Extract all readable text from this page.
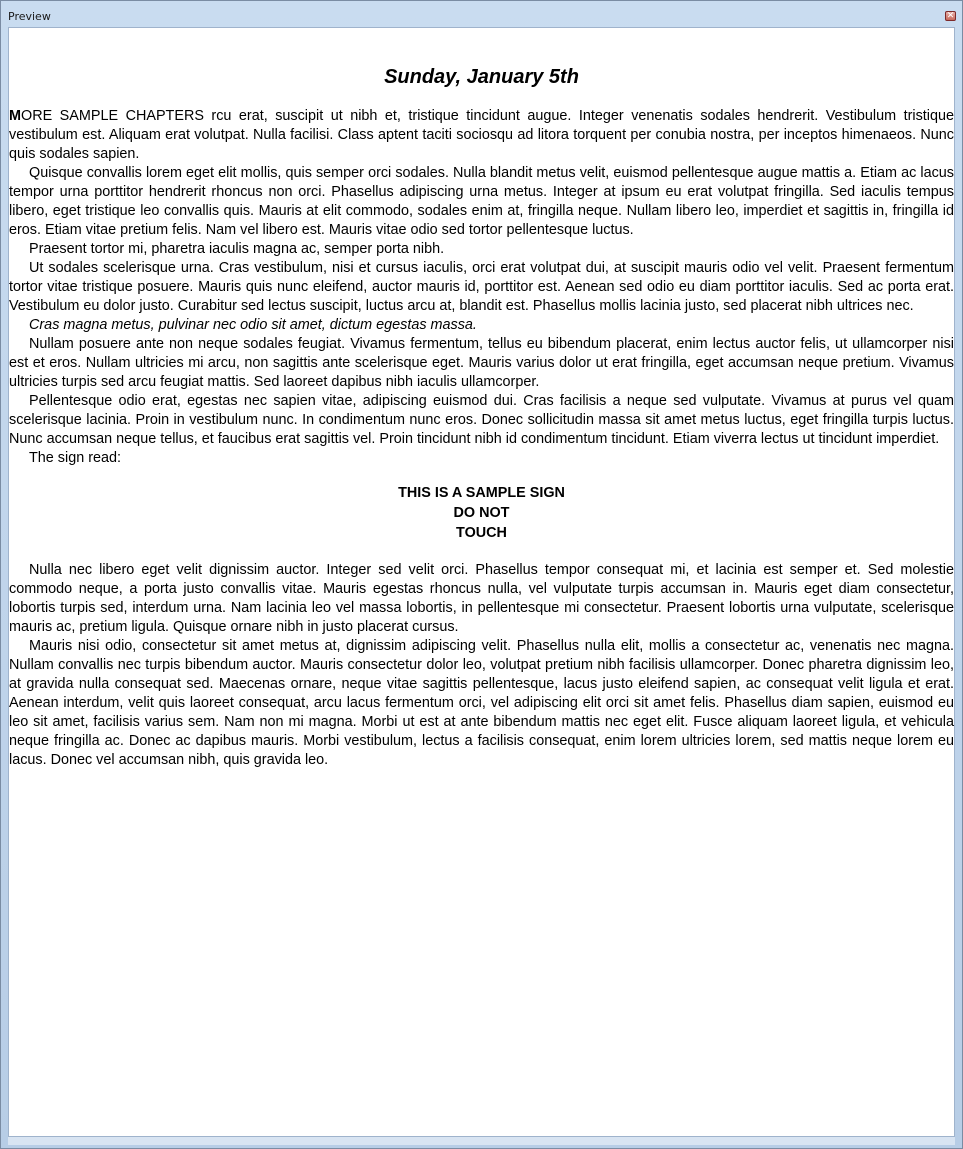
Preview	✕
Sunday, January 5th

MORE SAMPLE CHAPTERS rcu erat, suscipit ut nibh et, tristique tincidunt augue. Integer venenatis sodales hendrerit. Vestibulum tristique vestibulum est. Aliquam erat volutpat. Nulla facilisi. Class aptent taciti sociosqu ad litora torquent per conubia nostra, per inceptos himenaeos. Nunc quis sodales sapien.

Quisque convallis lorem eget elit mollis, quis semper orci sodales. Nulla blandit metus velit, euismod pellentesque augue mattis a. Etiam ac lacus tempor urna porttitor hendrerit rhoncus non orci. Phasellus adipiscing urna metus. Integer at ipsum eu erat volutpat fringilla. Sed iaculis tempus libero, eget tristique leo convallis quis. Mauris at elit commodo, sodales enim at, fringilla neque. Nullam libero leo, imperdiet et sagittis in, fringilla id eros. Etiam vitae pretium felis. Nam vel libero est. Mauris vitae odio sed tortor pellentesque luctus.

Praesent tortor mi, pharetra iaculis magna ac, semper porta nibh.

Ut sodales scelerisque urna. Cras vestibulum, nisi et cursus iaculis, orci erat volutpat dui, at suscipit mauris odio vel velit. Praesent fermentum tortor vitae tristique posuere. Mauris quis nunc eleifend, auctor mauris id, porttitor est. Aenean sed odio eu diam porttitor iaculis. Sed ac porta erat. Vestibulum eu dolor justo. Curabitur sed lectus suscipit, luctus arcu at, blandit est. Phasellus mollis lacinia justo, sed placerat nibh ultrices nec.

Cras magna metus, pulvinar nec odio sit amet, dictum egestas massa.

Nullam posuere ante non neque sodales feugiat. Vivamus fermentum, tellus eu bibendum placerat, enim lectus auctor felis, ut ullamcorper nisi est et eros. Nullam ultricies mi arcu, non sagittis ante scelerisque eget. Mauris varius dolor ut erat fringilla, eget accumsan neque pretium. Vivamus ultricies turpis sed arcu feugiat mattis. Sed laoreet dapibus nibh iaculis ullamcorper.

Pellentesque odio erat, egestas nec sapien vitae, adipiscing euismod dui. Cras facilisis a neque sed vulputate. Vivamus at purus vel quam scelerisque lacinia. Proin in vestibulum nunc. In condimentum nunc eros. Donec sollicitudin massa sit amet metus luctus, eget fringilla turpis luctus. Nunc accumsan neque tellus, et faucibus erat sagittis vel. Proin tincidunt nibh id condimentum tincidunt. Etiam viverra lectus ut tincidunt imperdiet.

The sign read:

THIS IS A SAMPLE SIGN
DO NOT
TOUCH

Nulla nec libero eget velit dignissim auctor. Integer sed velit orci. Phasellus tempor consequat mi, et lacinia est semper et. Sed molestie commodo neque, a porta justo convallis vitae. Mauris egestas rhoncus nulla, vel vulputate turpis accumsan in. Mauris eget diam consectetur, lobortis turpis sed, interdum urna. Nam lacinia leo vel massa lobortis, in pellentesque mi consectetur. Praesent lobortis urna vulputate, scelerisque mauris ac, pretium ligula. Quisque ornare nibh in justo placerat cursus.

Mauris nisi odio, consectetur sit amet metus at, dignissim adipiscing velit. Phasellus nulla elit, mollis a consectetur ac, venenatis nec magna. Nullam convallis nec turpis bibendum auctor. Mauris consectetur dolor leo, volutpat pretium nibh facilisis ullamcorper. Donec pharetra dignissim leo, at gravida nulla consequat sed. Maecenas ornare, neque vitae sagittis pellentesque, lacus justo eleifend sapien, ac consequat velit ligula et erat. Aenean interdum, velit quis laoreet consequat, arcu lacus fermentum orci, vel adipiscing elit orci sit amet felis. Phasellus diam sapien, euismod eu leo sit amet, facilisis varius sem. Nam non mi magna. Morbi ut est at ante bibendum mattis nec eget elit. Fusce aliquam laoreet ligula, et vehicula neque fringilla ac. Donec ac dapibus mauris. Morbi vestibulum, lectus a facilisis consequat, enim lorem ultricies lorem, sed mattis neque lorem eu lacus. Donec vel accumsan nibh, quis gravida leo.
